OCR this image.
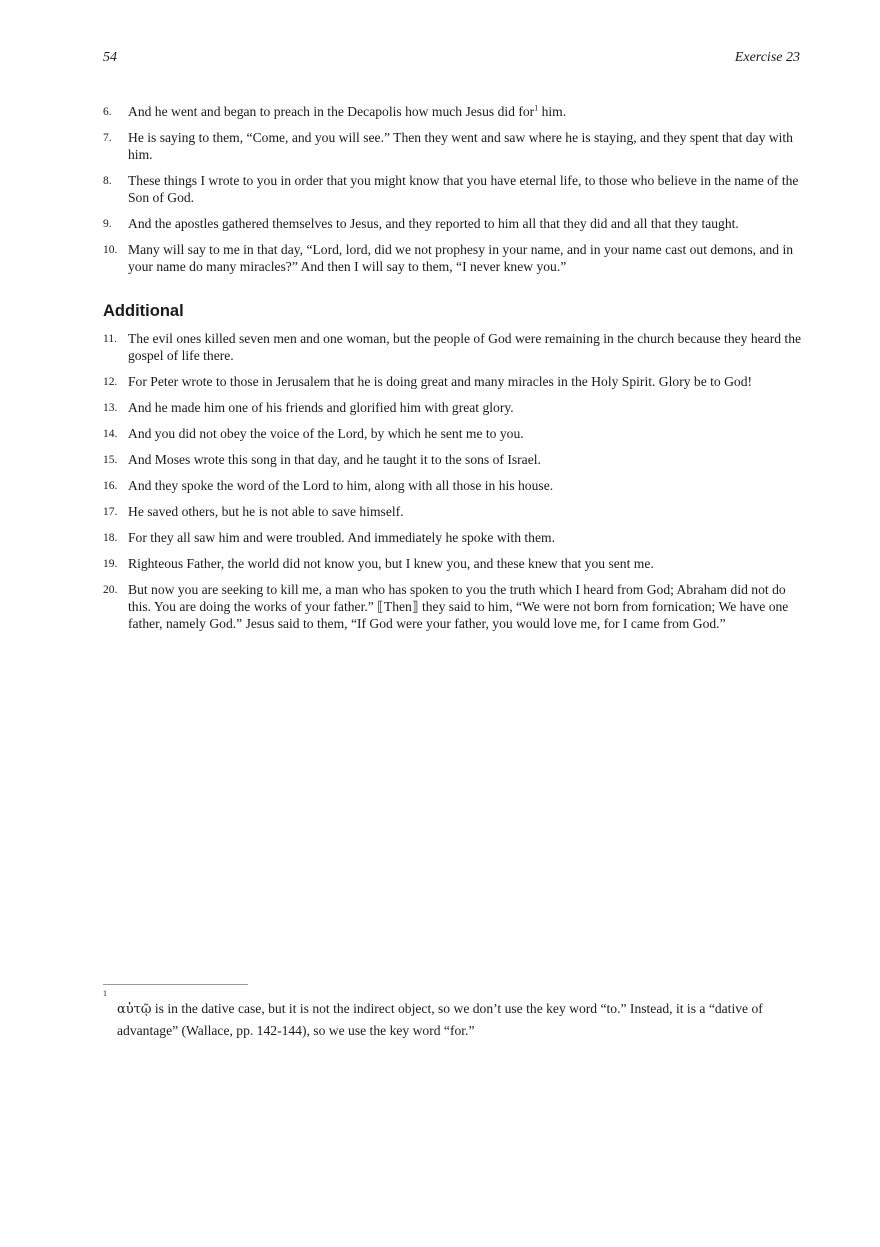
54	Exercise 23
6. And he went and began to preach in the Decapolis how much Jesus did for$^1$ him.
7. He is saying to them, “Come, and you will see.” Then they went and saw where he is staying, and they spent that day with him.
8. These things I wrote to you in order that you might know that you have eternal life, to those who believe in the name of the Son of God.
9. And the apostles gathered themselves to Jesus, and they reported to him all that they did and all that they taught.
10. Many will say to me in that day, “Lord, lord, did we not prophesy in your name, and in your name cast out demons, and in your name do many miracles?” And then I will say to them, “I never knew you.”
Additional
11. The evil ones killed seven men and one woman, but the people of God were remaining in the church because they heard the gospel of life there.
12. For Peter wrote to those in Jerusalem that he is doing great and many miracles in the Holy Spirit. Glory be to God!
13. And he made him one of his friends and glorified him with great glory.
14. And you did not obey the voice of the Lord, by which he sent me to you.
15. And Moses wrote this song in that day, and he taught it to the sons of Israel.
16. And they spoke the word of the Lord to him, along with all those in his house.
17. He saved others, but he is not able to save himself.
18. For they all saw him and were troubled. And immediately he spoke with them.
19. Righteous Father, the world did not know you, but I knew you, and these knew that you sent me.
20. But now you are seeking to kill me, a man who has spoken to you the truth which I heard from God; Abraham did not do this. You are doing the works of your father.” ⟦Then⟧ they said to him, “We were not born from fornication; We have one father, namely God.” Jesus said to them, “If God were your father, you would love me, for I came from God.”
1
αὐτῷ is in the dative case, but it is not the indirect object, so we don’t use the key word “to.” Instead, it is a “dative of advantage” (Wallace, pp. 142-144), so we use the key word “for.”
